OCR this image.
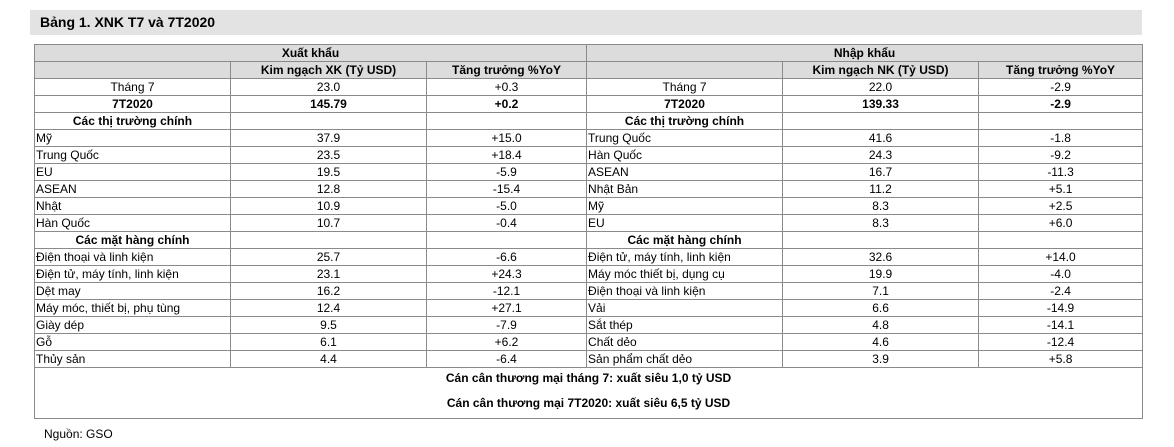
Bảng 1. XNK T7 và 7T2020
Xuất khẩu			Nhập khẩu		
	Kim ngạch XK (Tỷ USD)	Tăng trưởng %YoY		Kim ngạch NK (Tỷ USD)	Tăng trưởng %YoY
Tháng 7	23.0	+0.3	Tháng 7	22.0	-2.9
7T2020	145.79	+0.2	7T2020	139.33	-2.9
Các thị trường chính			Các thị trường chính		
Mỹ	37.9	+15.0	Trung Quốc	41.6	-1.8
Trung Quốc	23.5	+18.4	Hàn Quốc	24.3	-9.2
EU	19.5	-5.9	ASEAN	16.7	-11.3
ASEAN	12.8	-15.4	Nhật Bản	11.2	+5.1
Nhật	10.9	-5.0	Mỹ	8.3	+2.5
Hàn Quốc	10.7	-0.4	EU	8.3	+6.0
Các mặt hàng chính			Các mặt hàng chính		
Điện thoại và linh kiện	25.7	-6.6	Điện tử, máy tính, linh kiện	32.6	+14.0
Điện tử, máy tính, linh kiện	23.1	+24.3	Máy móc thiết bị, dụng cụ	19.9	-4.0
Dệt may	16.2	-12.1	Điện thoại và linh kiện	7.1	-2.4
Máy móc, thiết bị, phụ tùng	12.4	+27.1	Vải	6.6	-14.9
Giày dép	9.5	-7.9	Sắt thép	4.8	-14.1
Gỗ	6.1	+6.2	Chất dẻo	4.6	-12.4
Thủy sản	4.4	-6.4	Sản phẩm chất dẻo	3.9	+5.8
Cán cân thương mại tháng 7: xuất siêu 1,0 tỷ USD					
Cán cân thương mại 7T2020: xuất siêu 6,5 tỷ USD					
Nguồn: GSO
